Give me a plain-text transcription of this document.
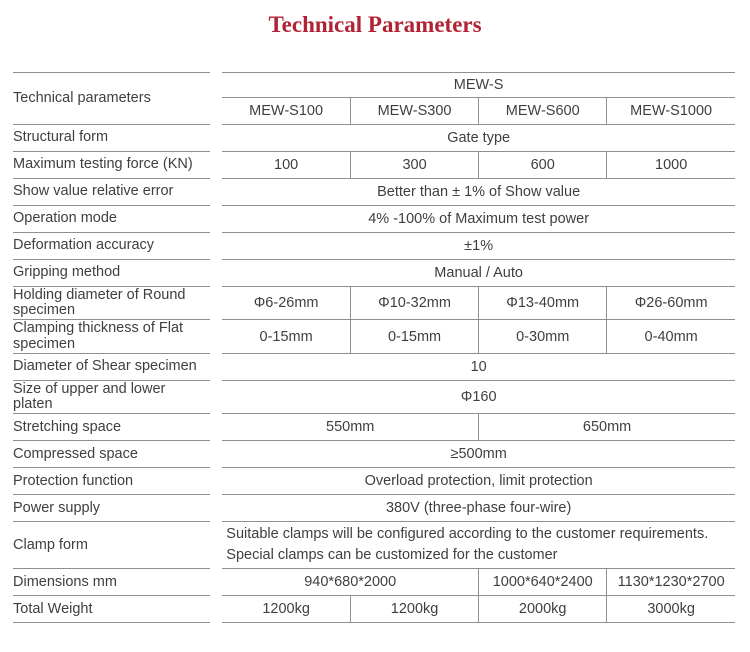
Technical Parameters
Technical parameters		MEW-S			
		MEW-S100	MEW-S300	MEW-S600	MEW-S1000
Structural form		Gate type			
Maximum testing force (KN)		100	300	600	1000
Show value relative error		Better than ± 1% of Show value			
Operation mode		4% -100% of Maximum test power			
Deformation accuracy		±1%			
Gripping method		Manual / Auto			
Holding diameter of Round specimen		Φ6-26mm	Φ10-32mm	Φ13-40mm	Φ26-60mm
Clamping thickness of Flat specimen		0-15mm	0-15mm	0-30mm	0-40mm
Diameter of Shear specimen		10			
Size of upper and lower platen		Φ160			
Stretching space		550mm		650mm	
Compressed space		≥500mm			
Protection function		Overload protection, limit protection			
Power supply		380V (three-phase four-wire)			
Clamp form		Suitable clamps will be configured according to the customer requirements.
Special clamps can be customized for the customer			

Dimensions mm		940*680*2000		1000*640*2400	1130*1230*2700
Total Weight		1200kg	1200kg	2000kg	3000kg
